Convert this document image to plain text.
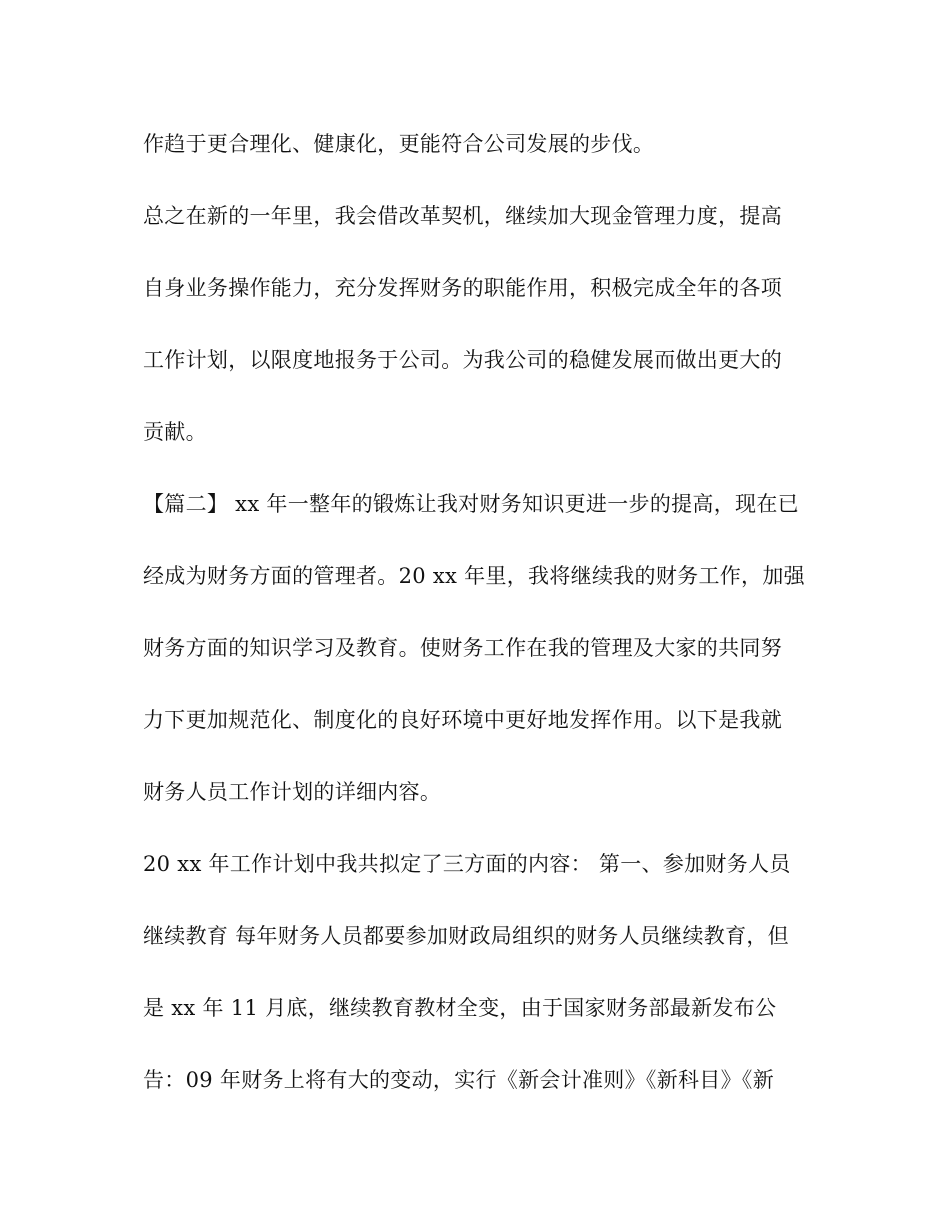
作趋于更合理化、健康化，更能符合公司发展的步伐。
总之在新的一年里，我会借改革契机，继续加大现金管理力度，提高
自身业务操作能力，充分发挥财务的职能作用，积极完成全年的各项
工作计划，以限度地报务于公司。为我公司的稳健发展而做出更大的
贡献。
【篇二】 xx 年一整年的锻炼让我对财务知识更进一步的提高，现在已
经成为财务方面的管理者。20 xx 年里，我将继续我的财务工作，加强
财务方面的知识学习及教育。使财务工作在我的管理及大家的共同努
力下更加规范化、制度化的良好环境中更好地发挥作用。以下是我就
财务人员工作计划的详细内容。
20 xx 年工作计划中我共拟定了三方面的内容： 第一、参加财务人员
继续教育 每年财务人员都要参加财政局组织的财务人员继续教育，但
是 xx 年 11 月底，继续教育教材全变，由于国家财务部最新发布公
告：09 年财务上将有大的变动，实行《新会计准则》《新科目》《新
